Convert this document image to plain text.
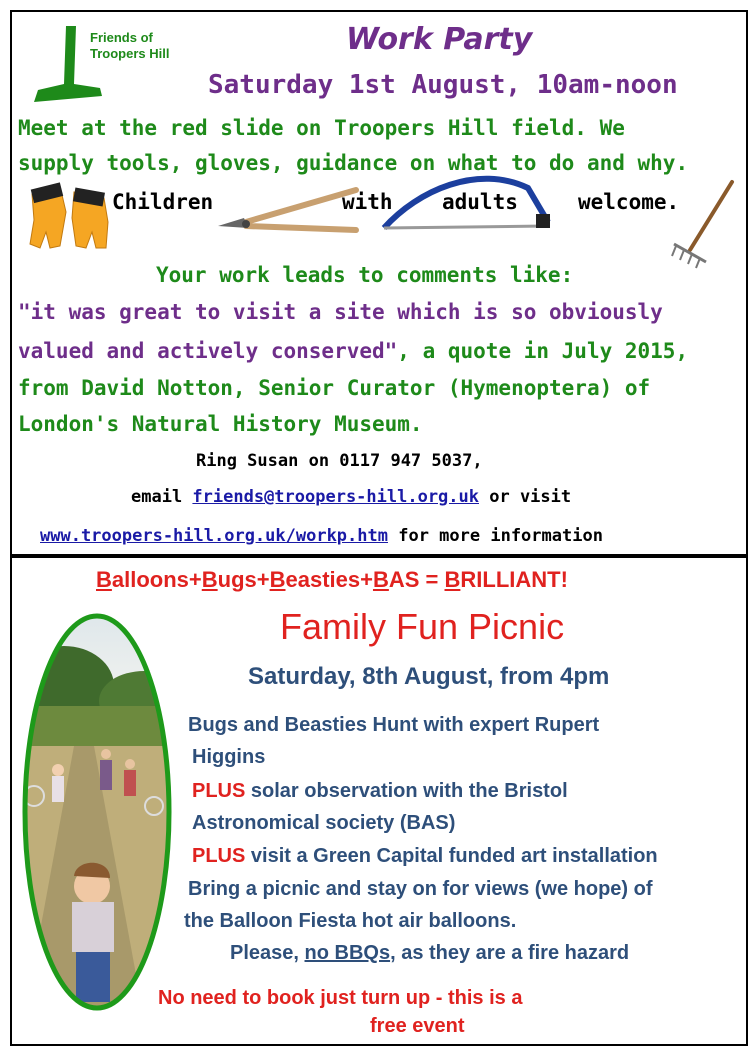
Friends of
Troopers Hill	Work Party
Saturday 1st August, 10am-noon
Meet at the red slide on Troopers Hill field. We
supply tools, gloves, guidance on what to do and why.
Children	with adults	welcome.
Your work leads to comments like:
"it was great to visit a site which is so obviously
valued and actively conserved", a quote in July 2015,
from David Notton, Senior Curator (Hymenoptera) of
London's Natural History Museum.
Ring Susan on 0117 947 5037,
email friends@troopers-hill.org.uk or visit
www.troopers-hill.org.uk/workp.htm for more information
Balloons+Bugs+Beasties+BAS = BRILLIANT!
Family Fun Picnic
Saturday, 8th August, from 4pm
Bugs and Beasties Hunt with expert Rupert
Higgins
PLUS solar observation with the Bristol
Astronomical society (BAS)
PLUS visit a Green Capital funded art installation
Bring a picnic and stay on for views (we hope) of
the Balloon Fiesta hot air balloons.
Please, no BBQs, as they are a fire hazard
No need to book just turn up - this is a
free event
